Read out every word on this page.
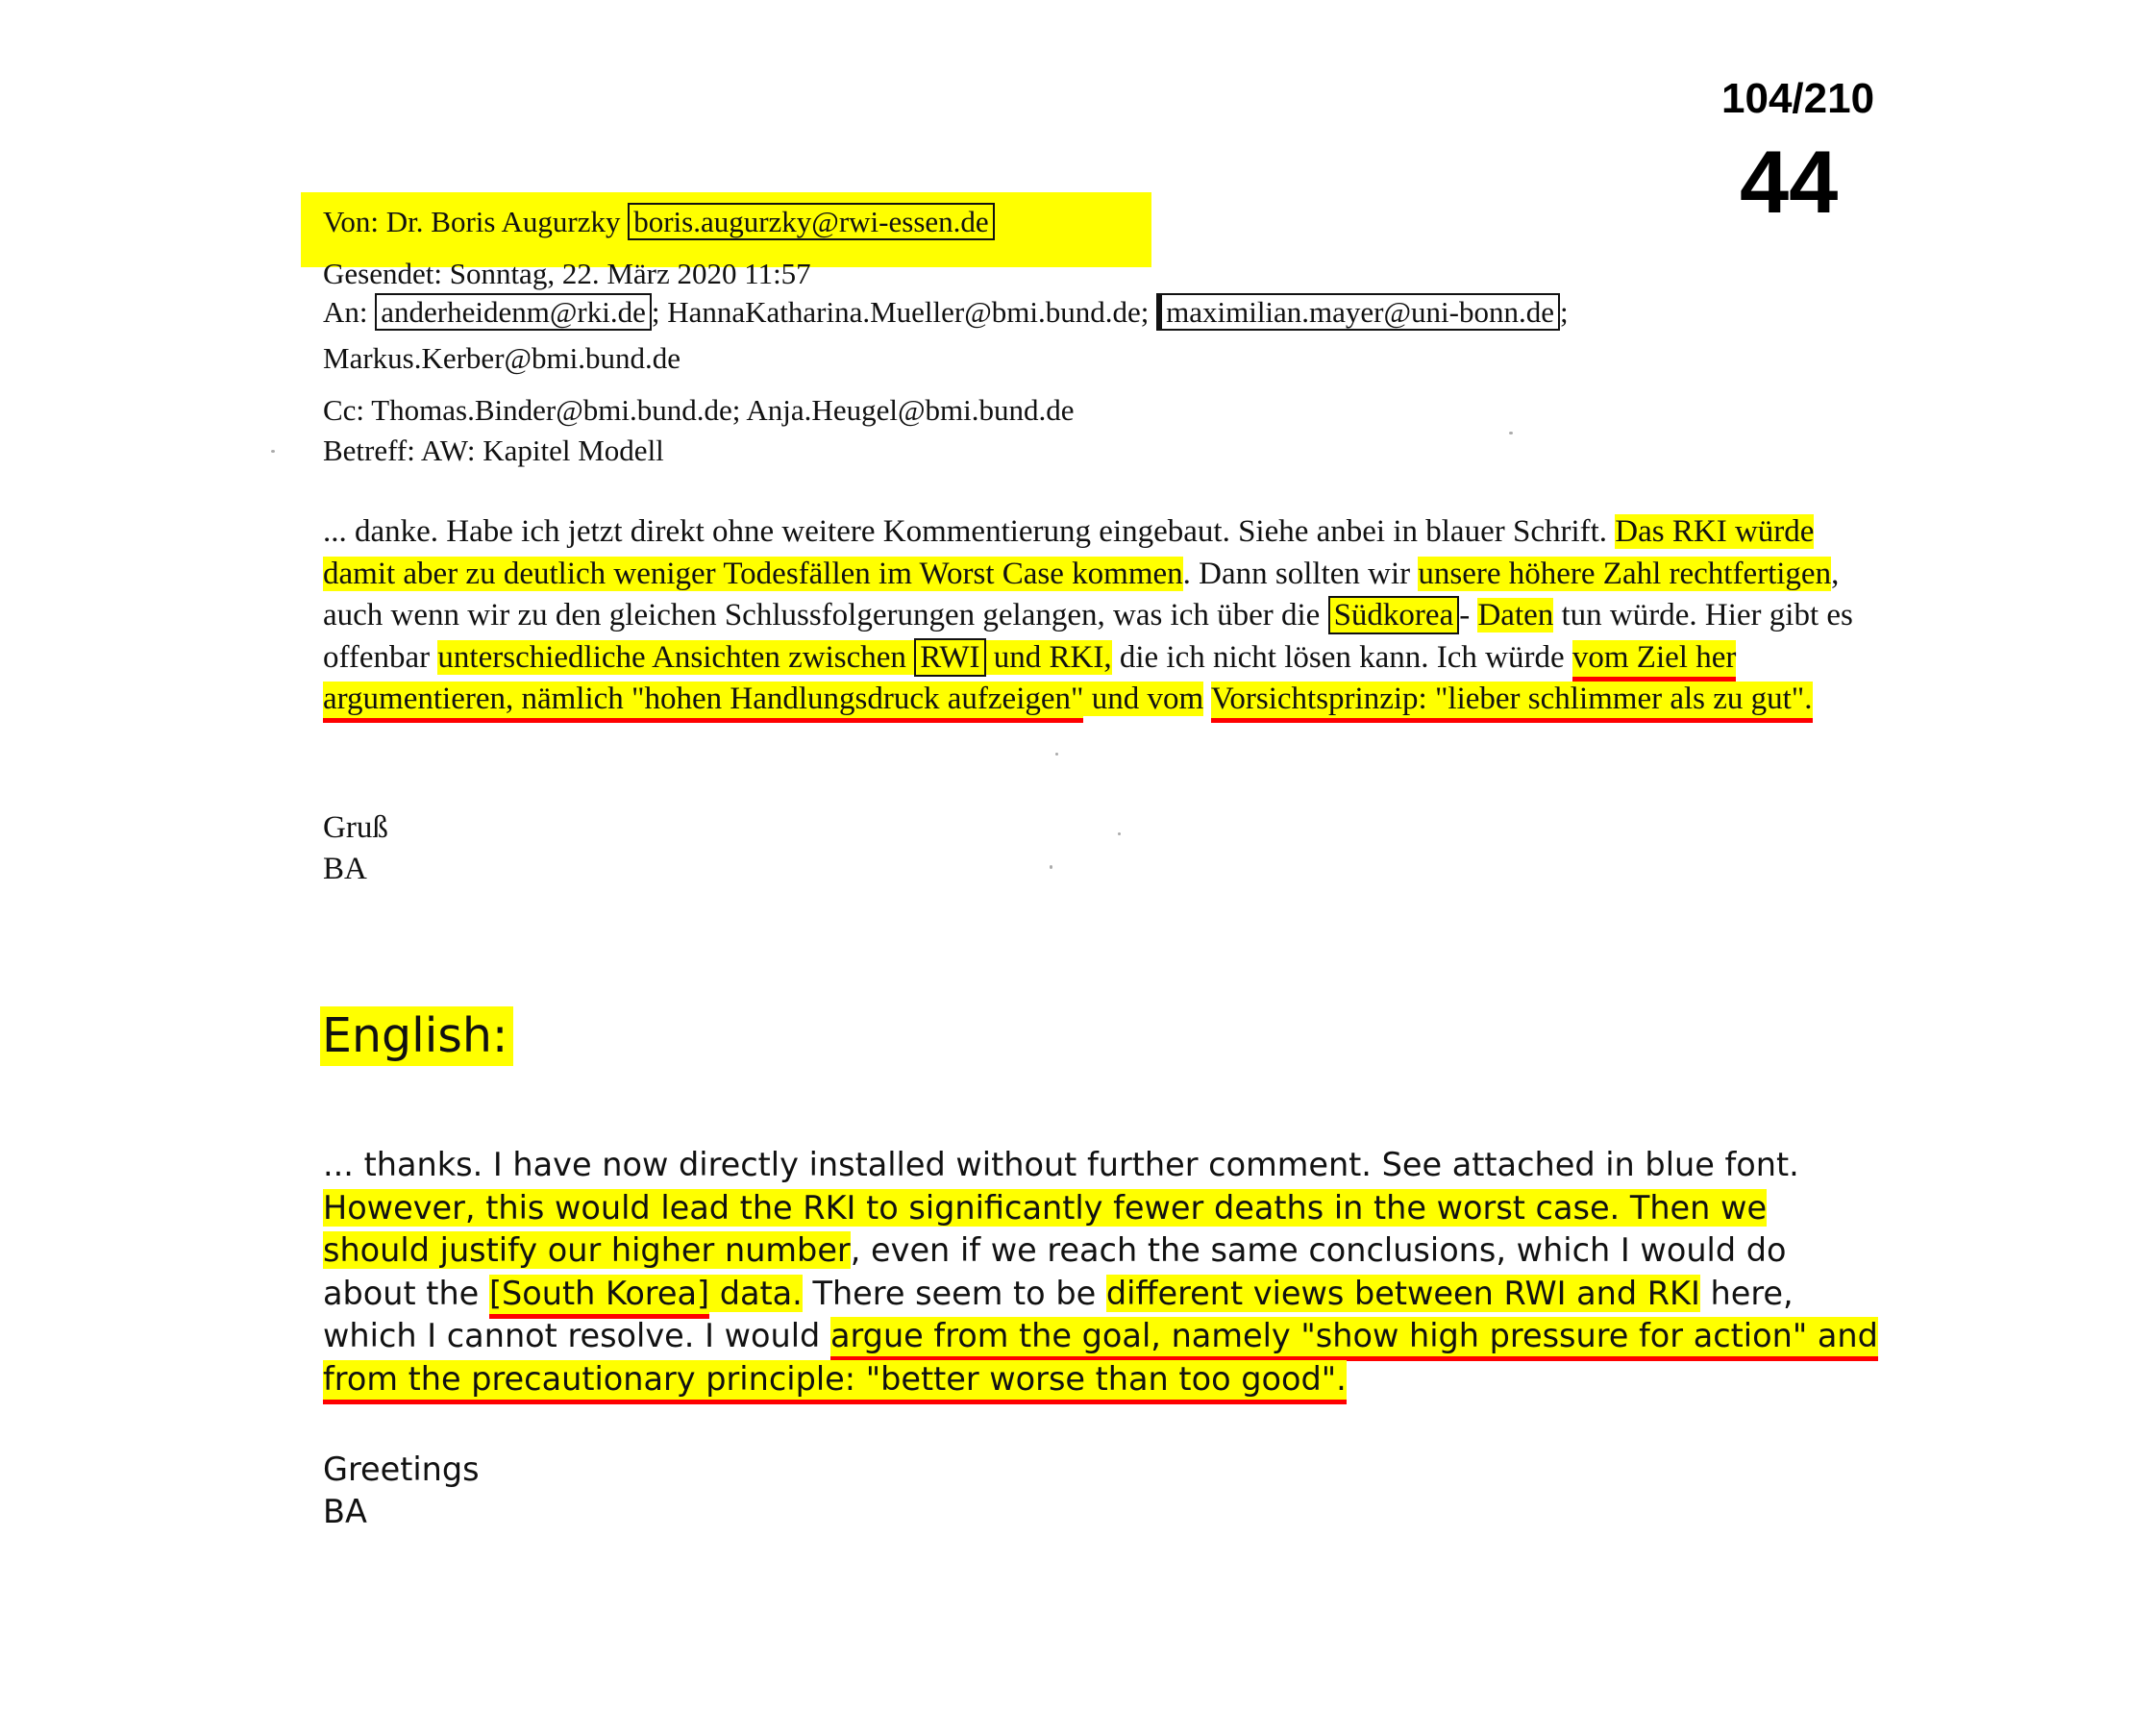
104/210
44
Von: Dr. Boris Augurzky boris.augurzky@rwi-essen.de
Gesendet: Sonntag, 22. März 2020 11:57
An: anderheidenm@rki.de ; HannaKatharina.Mueller@bmi.bund.de; maximilian.mayer@uni-bonn.de ;
Markus.Kerber@bmi.bund.de
Cc: Thomas.Binder@bmi.bund.de; Anja.Heugel@bmi.bund.de
Betreff: AW: Kapitel Modell
... danke. Habe ich jetzt direkt ohne weitere Kommentierung eingebaut. Siehe anbei in blauer Schrift. Das RKI würde damit aber zu deutlich weniger Todesfällen im Worst Case kommen. Dann sollten wir unsere höhere Zahl rechtfertigen, auch wenn wir zu den gleichen Schlussfolgerungen gelangen, was ich über die Südkorea - Daten tun würde. Hier gibt es offenbar unterschiedliche Ansichten zwischen RWI und RKI, die ich nicht lösen kann. Ich würde vom Ziel her argumentieren, nämlich "hohen Handlungsdruck aufzeigen" und vom Vorsichtsprinzip: "lieber schlimmer als zu gut".
Gruß
BA
English:
... thanks. I have now directly installed without further comment. See attached in blue font. However, this would lead the RKI to significantly fewer deaths in the worst case. Then we should justify our higher number, even if we reach the same conclusions, which I would do about the [South Korea] data. There seem to be different views between RWI and RKI here, which I cannot resolve. I would argue from the goal, namely "show high pressure for action" and from the precautionary principle: "better worse than too good".
Greetings
BA
